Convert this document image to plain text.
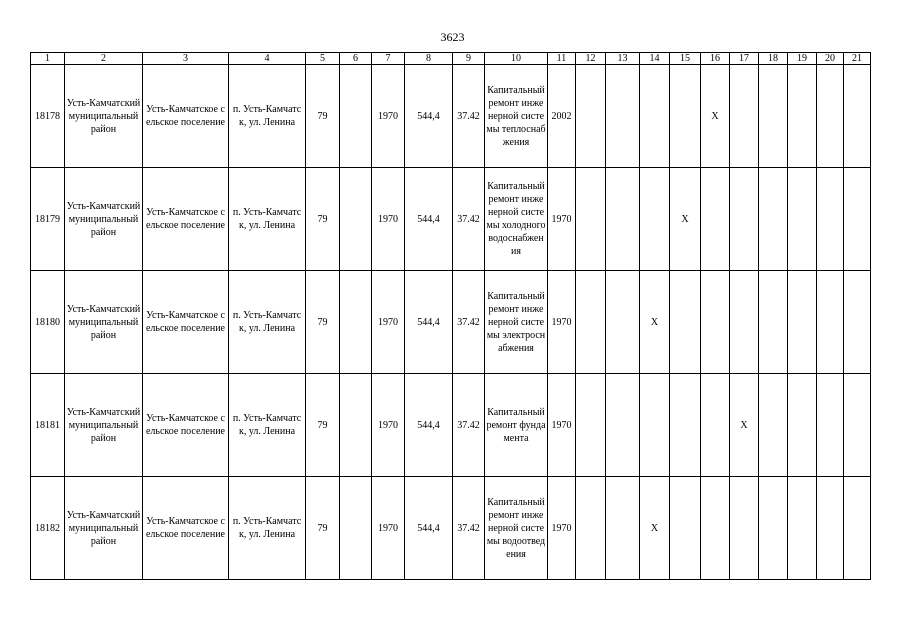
3623
1	2	3	4	5	6	7	8	9	10	11	12	13	14	15	16	17	18	19	20	21
18178	Усть-Камчатский муниципальный район	Усть-Камчатское сельское поселение	п. Усть-Камчатск, ул. Ленина	79		1970	544,4	37.42	Капитальный ремонт инженерной системы теплоснабжения	2002					X					
18179	Усть-Камчатский муниципальный район	Усть-Камчатское сельское поселение	п. Усть-Камчатск, ул. Ленина	79		1970	544,4	37.42	Капитальный ремонт инженерной системы холодного водоснабжения	1970				X						
18180	Усть-Камчатский муниципальный район	Усть-Камчатское сельское поселение	п. Усть-Камчатск, ул. Ленина	79		1970	544,4	37.42	Капитальный ремонт инженерной системы электроснабжения	1970			X							
18181	Усть-Камчатский муниципальный район	Усть-Камчатское сельское поселение	п. Усть-Камчатск, ул. Ленина	79		1970	544,4	37.42	Капитальный ремонт фундамента	1970						X				
18182	Усть-Камчатский муниципальный район	Усть-Камчатское сельское поселение	п. Усть-Камчатск, ул. Ленина	79		1970	544,4	37.42	Капитальный ремонт инженерной системы водоотведения	1970			X							
